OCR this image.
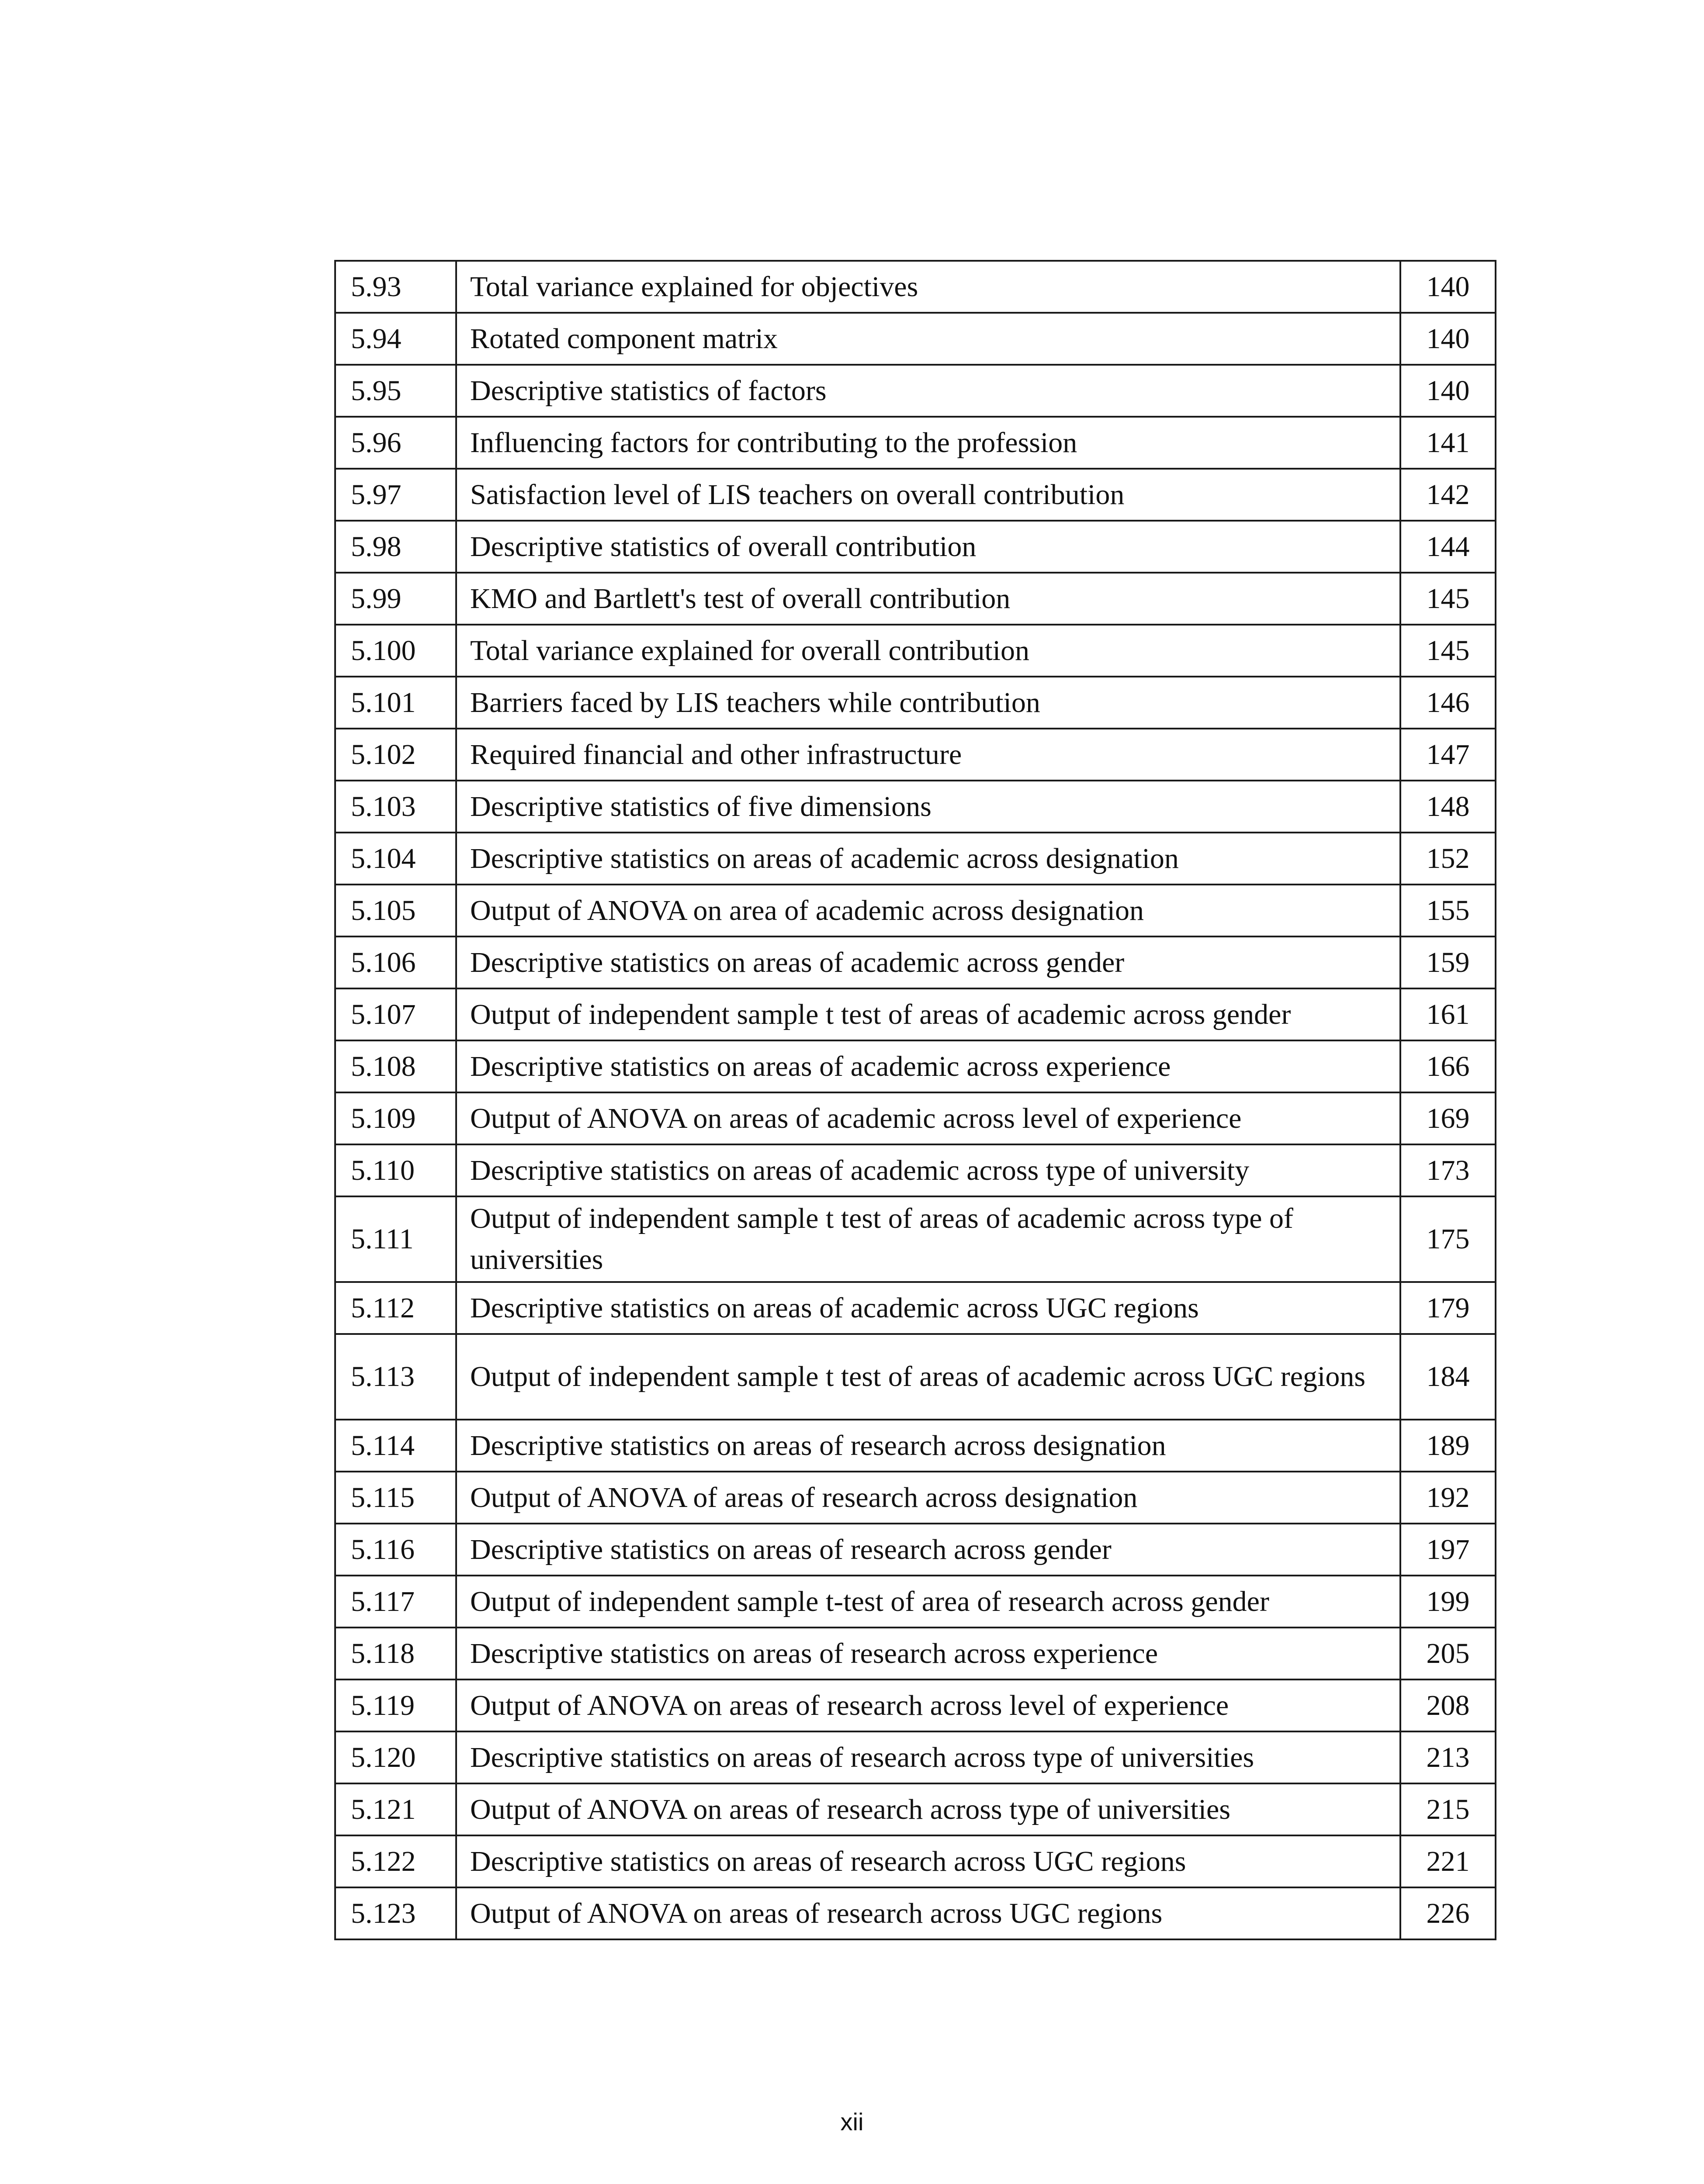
5.93	Total variance explained for objectives	140
5.94	Rotated component matrix	140
5.95	Descriptive statistics of factors	140
5.96	Influencing factors for contributing to the profession	141
5.97	Satisfaction level of LIS teachers on overall contribution	142
5.98	Descriptive statistics of overall contribution	144
5.99	KMO and Bartlett's test of overall contribution	145
5.100	Total variance explained for overall contribution	145
5.101	Barriers faced by LIS teachers while contribution	146
5.102	Required financial and other infrastructure	147
5.103	Descriptive statistics of five dimensions	148
5.104	Descriptive statistics on areas of academic across designation	152
5.105	Output of ANOVA on area of academic across designation	155
5.106	Descriptive statistics on areas of academic across gender	159
5.107	Output of independent sample t test of areas of academic across gender	161
5.108	Descriptive statistics on areas of academic across experience	166
5.109	Output of ANOVA on areas of academic across level of experience	169
5.110	Descriptive statistics on areas of academic across type of university	173
5.111	Output of independent sample t test of areas of academic across type of universities	175
5.112	Descriptive statistics on areas of academic across UGC regions	179
5.113	Output of independent sample t test of areas of academic across UGC regions	184
5.114	Descriptive statistics on areas of research across designation	189
5.115	Output of ANOVA of areas of research across designation	192
5.116	Descriptive statistics on areas of research across gender	197
5.117	Output of independent sample t-test of area of research across gender	199
5.118	Descriptive statistics on areas of research across experience	205
5.119	Output of ANOVA on areas of research across level of experience	208
5.120	Descriptive statistics on areas of research across type of universities	213
5.121	Output of ANOVA on areas of research across type of universities	215
5.122	Descriptive statistics on areas of research across UGC regions	221
5.123	Output of ANOVA on areas of research across UGC regions	226
xii
